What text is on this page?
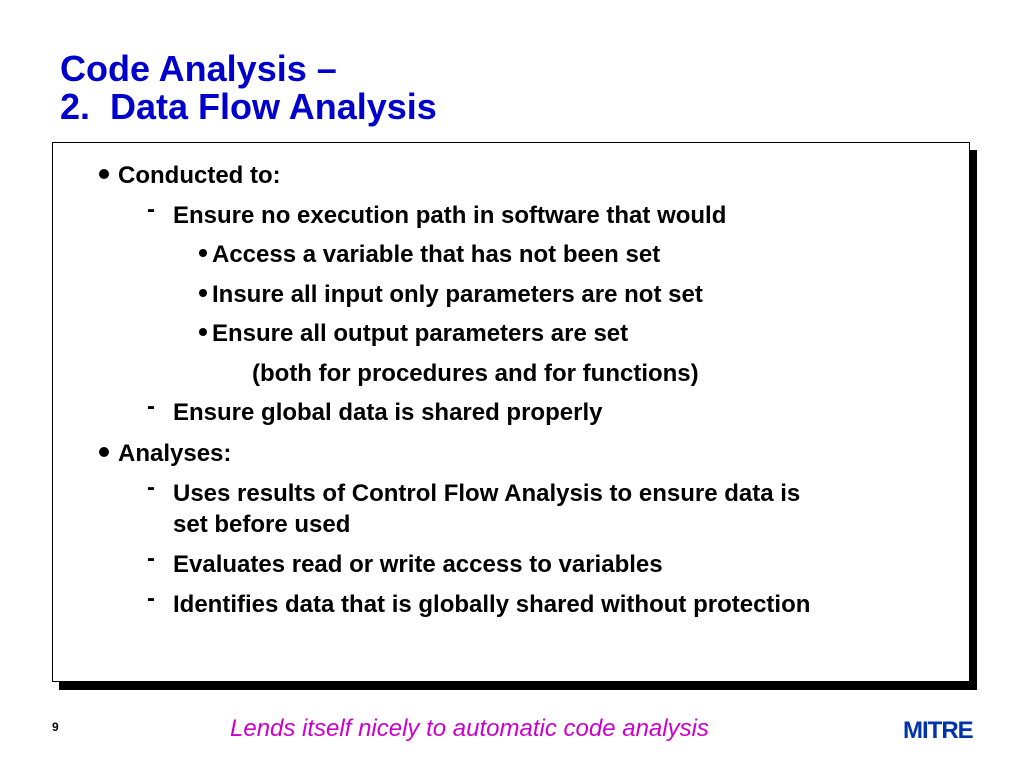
Code Analysis –
2.  Data Flow Analysis
Conducted to:
- Ensure no execution path in software that would
Access a variable that has not been set
Insure all input only parameters are not set
Ensure all output parameters are set
(both for procedures and for functions)
- Ensure global data is shared properly
Analyses:
- Uses results of Control Flow Analysis to ensure data is
set before used
- Evaluates read or write access to variables
- Identifies data that is globally shared without protection
9	Lends itself nicely to automatic code analysis	MITRE
